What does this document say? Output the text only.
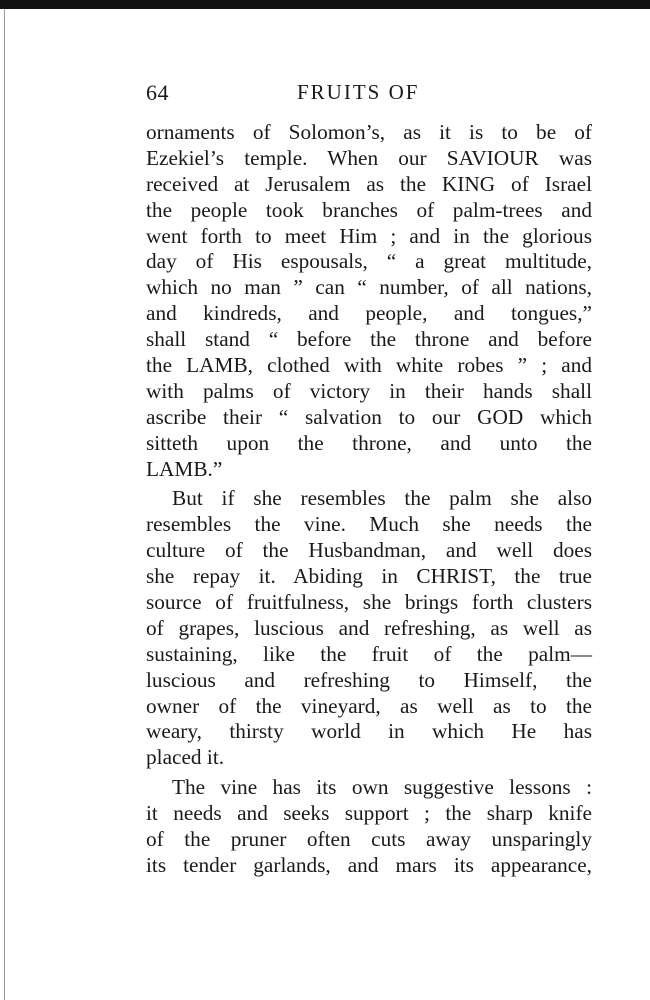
64	FRUITS OF
ornaments of Solomon’s, as it is to be of
Ezekiel’s temple. When our SAVIOUR was
received at Jerusalem as the KING of Israel
the people took branches of palm-trees and
went forth to meet Him ; and in the glorious
day of His espousals, “ a great multitude,
which no man ” can “ number, of all nations,
and kindreds, and people, and tongues,”
shall stand “ before the throne and before
the LAMB, clothed with white robes ” ; and
with palms of victory in their hands shall
ascribe their “ salvation to our GOD which
sitteth upon the throne, and unto the
LAMB.”
But if she resembles the palm she also
resembles the vine. Much she needs the
culture of the Husbandman, and well does
she repay it. Abiding in CHRIST, the true
source of fruitfulness, she brings forth clusters
of grapes, luscious and refreshing, as well as
sustaining, like the fruit of the palm—
luscious and refreshing to Himself, the
owner of the vineyard, as well as to the
weary, thirsty world in which He has
placed it.
The vine has its own suggestive lessons :
it needs and seeks support ; the sharp knife
of the pruner often cuts away unsparingly
its tender garlands, and mars its appearance,
